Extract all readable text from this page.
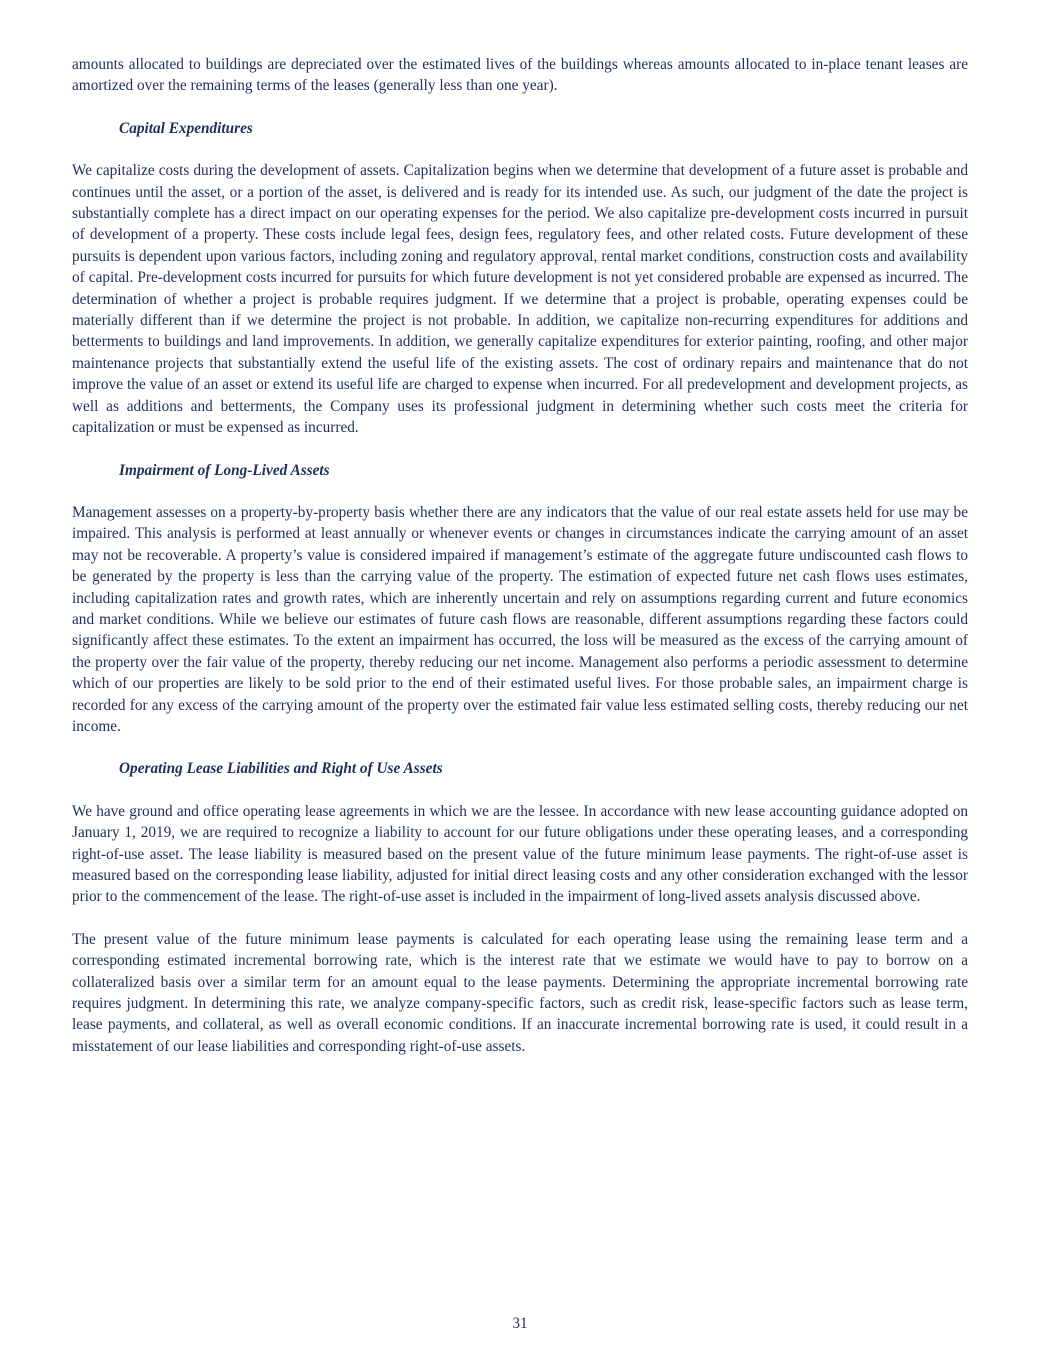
amounts allocated to buildings are depreciated over the estimated lives of the buildings whereas amounts allocated to in-place tenant leases are amortized over the remaining terms of the leases (generally less than one year).

Capital Expenditures

We capitalize costs during the development of assets. Capitalization begins when we determine that development of a future asset is probable and continues until the asset, or a portion of the asset, is delivered and is ready for its intended use. As such, our judgment of the date the project is substantially complete has a direct impact on our operating expenses for the period. We also capitalize pre-development costs incurred in pursuit of development of a property. These costs include legal fees, design fees, regulatory fees, and other related costs. Future development of these pursuits is dependent upon various factors, including zoning and regulatory approval, rental market conditions, construction costs and availability of capital. Pre-development costs incurred for pursuits for which future development is not yet considered probable are expensed as incurred. The determination of whether a project is probable requires judgment. If we determine that a project is probable, operating expenses could be materially different than if we determine the project is not probable. In addition, we capitalize non-recurring expenditures for additions and betterments to buildings and land improvements. In addition, we generally capitalize expenditures for exterior painting, roofing, and other major maintenance projects that substantially extend the useful life of the existing assets. The cost of ordinary repairs and maintenance that do not improve the value of an asset or extend its useful life are charged to expense when incurred. For all predevelopment and development projects, as well as additions and betterments, the Company uses its professional judgment in determining whether such costs meet the criteria for capitalization or must be expensed as incurred.

Impairment of Long-Lived Assets

Management assesses on a property-by-property basis whether there are any indicators that the value of our real estate assets held for use may be impaired. This analysis is performed at least annually or whenever events or changes in circumstances indicate the carrying amount of an asset may not be recoverable. A property’s value is considered impaired if management’s estimate of the aggregate future undiscounted cash flows to be generated by the property is less than the carrying value of the property. The estimation of expected future net cash flows uses estimates, including capitalization rates and growth rates, which are inherently uncertain and rely on assumptions regarding current and future economics and market conditions. While we believe our estimates of future cash flows are reasonable, different assumptions regarding these factors could significantly affect these estimates. To the extent an impairment has occurred, the loss will be measured as the excess of the carrying amount of the property over the fair value of the property, thereby reducing our net income. Management also performs a periodic assessment to determine which of our properties are likely to be sold prior to the end of their estimated useful lives. For those probable sales, an impairment charge is recorded for any excess of the carrying amount of the property over the estimated fair value less estimated selling costs, thereby reducing our net income.

Operating Lease Liabilities and Right of Use Assets

We have ground and office operating lease agreements in which we are the lessee. In accordance with new lease accounting guidance adopted on January 1, 2019, we are required to recognize a liability to account for our future obligations under these operating leases, and a corresponding right-of-use asset. The lease liability is measured based on the present value of the future minimum lease payments. The right-of-use asset is measured based on the corresponding lease liability, adjusted for initial direct leasing costs and any other consideration exchanged with the lessor prior to the commencement of the lease. The right-of-use asset is included in the impairment of long-lived assets analysis discussed above.

The present value of the future minimum lease payments is calculated for each operating lease using the remaining lease term and a corresponding estimated incremental borrowing rate, which is the interest rate that we estimate we would have to pay to borrow on a collateralized basis over a similar term for an amount equal to the lease payments. Determining the appropriate incremental borrowing rate requires judgment. In determining this rate, we analyze company-specific factors, such as credit risk, lease-specific factors such as lease term, lease payments, and collateral, as well as overall economic conditions. If an inaccurate incremental borrowing rate is used, it could result in a misstatement of our lease liabilities and corresponding right-of-use assets.

31
